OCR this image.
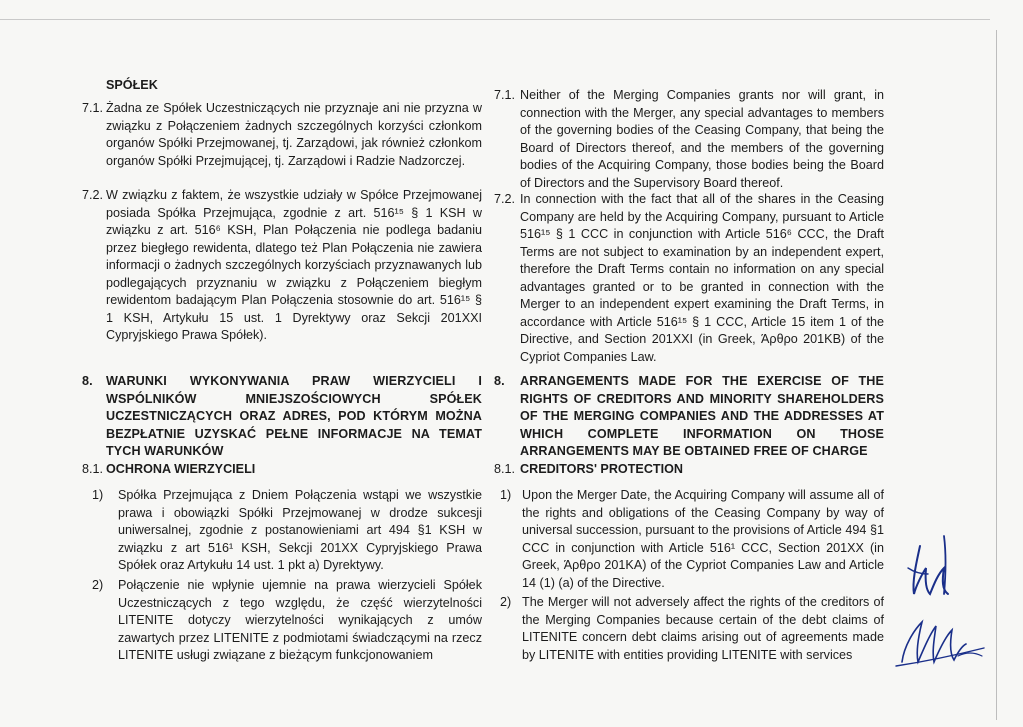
SPÓŁEK
7.1. Żadna ze Spółek Uczestniczących nie przyznaje ani nie przyzna w związku z Połączeniem żadnych szczególnych korzyści członkom organów Spółki Przejmowanej, tj. Zarządowi, jak również członkom organów Spółki Przejmującej, tj. Zarządowi i Radzie Nadzorczej.
7.2. W związku z faktem, że wszystkie udziały w Spółce Przejmowanej posiada Spółka Przejmująca, zgodnie z art. 516¹⁵ § 1 KSH w związku z art. 516⁶ KSH, Plan Połączenia nie podlega badaniu przez biegłego rewidenta, dlatego też Plan Połączenia nie zawiera informacji o żadnych szczególnych korzyściach przyznawanych lub podlegających przyznaniu w związku z Połączeniem biegłym rewidentom badającym Plan Połączenia stosownie do art. 516¹⁵ § 1 KSH, Artykułu 15 ust. 1 Dyrektywy oraz Sekcji 201XXI Cypryjskiego Prawa Spółek).
8.	WARUNKI WYKONYWANIA PRAW WIERZYCIELI I WSPÓLNIKÓW MNIEJSZOŚCIOWYCH SPÓŁEK UCZESTNICZĄCYCH ORAZ ADRES, POD KTÓRYM MOŻNA BEZPŁATNIE UZYSKAĆ PEŁNE INFORMACJE NA TEMAT TYCH WARUNKÓW
8.1. OCHRONA WIERZYCIELI
1)	Spółka Przejmująca z Dniem Połączenia wstąpi we wszystkie prawa i obowiązki Spółki Przejmowanej w drodze sukcesji uniwersalnej, zgodnie z postanowieniami art 494 §1 KSH w związku z art 516¹ KSH, Sekcji 201XX Cypryjskiego Prawa Spółek oraz Artykułu 14 ust. 1 pkt a) Dyrektywy.
2)	Połączenie nie wpłynie ujemnie na prawa wierzycieli Spółek Uczestniczących z tego względu, że część wierzytelności LITENITE dotyczy wierzytelności wynikających z umów zawartych przez LITENITE z podmiotami świadczącymi na rzecz LITENITE usługi związane z bieżącym funkcjonowaniem
7.1. Neither of the Merging Companies grants nor will grant, in connection with the Merger, any special advantages to members of the governing bodies of the Ceasing Company, that being the Board of Directors thereof, and the members of the governing bodies of the Acquiring Company, those bodies being the Board of Directors and the Supervisory Board thereof.
7.2. In connection with the fact that all of the shares in the Ceasing Company are held by the Acquiring Company, pursuant to Article 516¹⁵ § 1 CCC in conjunction with Article 516⁶ CCC, the Draft Terms are not subject to examination by an independent expert, therefore the Draft Terms contain no information on any special advantages granted or to be granted in connection with the Merger to an independent expert examining the Draft Terms, in accordance with Article 516¹⁵ § 1 CCC, Article 15 item 1 of the Directive, and Section 201XXI (in Greek, Άρθρο 201KB) of the Cypriot Companies Law.
8.	ARRANGEMENTS MADE FOR THE EXERCISE OF THE RIGHTS OF CREDITORS AND MINORITY SHAREHOLDERS OF THE MERGING COMPANIES AND THE ADDRESSES AT WHICH COMPLETE INFORMATION ON THOSE ARRANGEMENTS MAY BE OBTAINED FREE OF CHARGE
8.1. CREDITORS' PROTECTION
1) Upon the Merger Date, the Acquiring Company will assume all of the rights and obligations of the Ceasing Company by way of universal succession, pursuant to the provisions of Article 494 §1 CCC in conjunction with Article 516¹ CCC, Section 201XX (in Greek, Άρθρο 201KA) of the Cypriot Companies Law and Article 14 (1) (a) of the Directive.
2) The Merger will not adversely affect the rights of the creditors of the Merging Companies because certain of the debt claims of LITENITE concern debt claims arising out of agreements made by LITENITE with entities providing LITENITE with services
